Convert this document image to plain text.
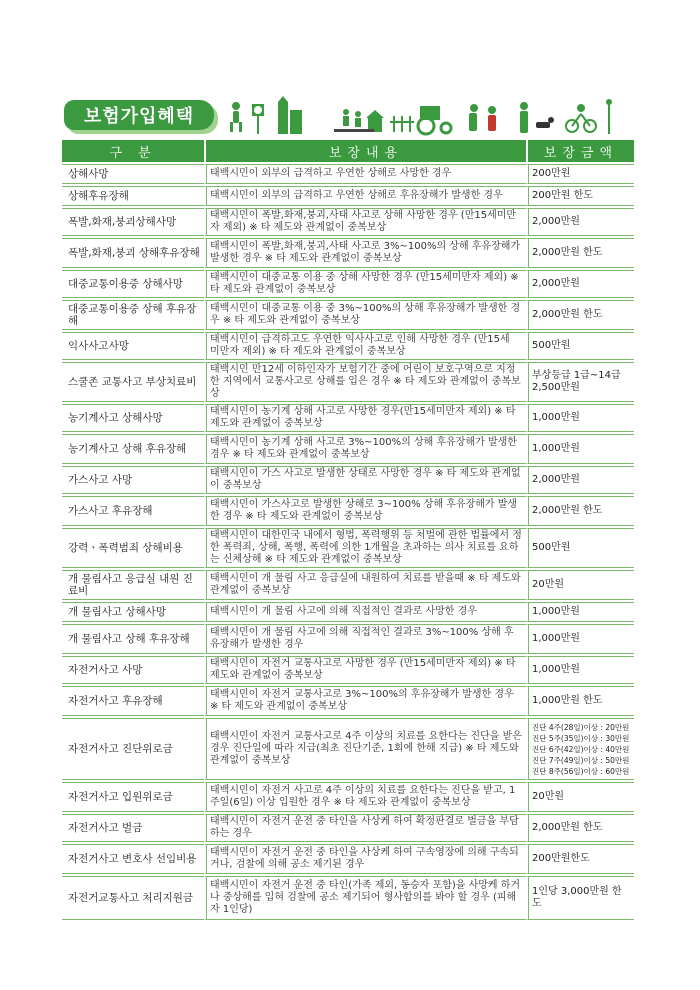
보험가입혜택
구 분	보장내용	보장금액
상해사망	태백시민이 외부의 급격하고 우연한 상해로 사망한 경우	200만원
상해후유장해	태백시민이 외부의 급격하고 우연한 상해로 후유장해가 발생한 경우	200만원 한도
폭발,화재,붕괴상해사망	태백시민이 폭발,화재,붕괴,사태 사고로 상해 사망한 경우 (만15세미만자 제외) ※ 타 제도와 관계없이 중복보상	2,000만원
폭발,화재,붕괴 상해후유장해	태백시민이 폭발,화재,붕괴,사태 사고로 3%~100%의 상해 후유장해가 발생한 경우 ※ 타 제도와 관계없이 중복보상	2,000만원 한도
대중교통이용중 상해사망	태백시민이 대중교통 이용 중 상해 사망한 경우 (만15세미만자 제외) ※ 타 제도와 관계없이 중복보상	2,000만원
대중교통이용중 상해 후유장해	태백시민이 대중교통 이용 중 3%~100%의 상해 후유장해가 발생한 경우 ※ 타 제도와 관계없이 중복보상	2,000만원 한도
익사사고사망	태백시민이 급격하고도 우연한 익사사고로 인해 사망한 경우 (만15세 미만자 제외) ※ 타 제도와 관계없이 중복보상	500만원
스쿨존 교통사고 부상치료비	태백시민 만12세 이하인자가 보험기간 중에 어린이 보호구역으로 지정한 지역에서 교통사고로 상해를 입은 경우 ※ 타 제도와 관계없이 중복보상	부상등급 1급~14급 2,500만원
농기계사고 상해사망	태백시민이 농기계 상해 사고로 사망한 경우(만15세미만자 제외) ※ 타 제도와 관계없이 중복보상	1,000만원
농기계사고 상해 후유장해	태백시민이 농기계 상해 사고로 3%~100%의 상해 후유장해가 발생한 경우 ※ 타 제도와 관계없이 중복보상	1,000만원
가스사고 사망	태백시민이 가스 사고로 발생한 상태로 사망한 경우 ※ 타 제도와 관계없이 중복보상	2,000만원
가스사고 후유장해	태백시민이 가스사고로 발생한 상해로 3~100% 상해 후유장해가 발생한 경우 ※ 타 제도와 관계없이 중복보상	2,000만원 한도
강력ㆍ폭력범죄 상해비용	태백시민이 대한민국 내에서 형법, 폭력행위 등 처벌에 관한 법률에서 정한 폭력죄, 상해, 폭행, 폭력에 의한 1개월을 초과하는 의사 치료를 요하는 신체상해 ※ 타 제도와 관계없이 중복보상	500만원
개 물림사고 응급실 내원 진료비	태백시민이 개 물림 사고 응급실에 내원하여 치료를 받을때 ※ 타 제도와 관계없이 중복보상	20만원
개 물림사고 상해사망	태백시민이 개 물림 사고에 의해 직접적인 결과로 사망한 경우	1,000만원
개 물림사고 상해 후유장해	태백시민이 개 물림 사고에 의해 직접적인 결과로 3%~100% 상해 후유장해가 발생한 경우	1,000만원
자전거사고 사망	태백시민이 자전거 교통사고로 사망한 경우 (만15세미만자 제외) ※ 타 제도와 관계없이 중복보상	1,000만원
자전거사고 후유장해	태백시민이 자전거 교통사고로 3%~100%의 후유장해가 발생한 경우 ※ 타 제도와 관계없이 중복보상	1,000만원 한도
자전거사고 진단위로금	태백시민이 자전거 교통사고로 4주 이상의 치료를 요한다는 진단을 받은 경우 진단일에 따라 지급(최초 진단기준, 1회에 한해 지급) ※ 타 제도와 관계없이 중복보상	진단 4주(28일)이상 : 20만원
진단 5주(35일)이상 : 30만원
진단 6주(42일)이상 : 40만원
진단 7주(49일)이상 : 50만원
진단 8주(56일)이상 : 60만원

자전거사고 입원위로금	태백시민이 자전거 사고로 4주 이상의 치료를 요한다는 진단을 받고, 1주일(6일) 이상 입원한 경우 ※ 타 제도와 관계없이 중복보상	20만원
자전거사고 벌금	태백시민이 자전거 운전 중 타인을 사상케 하여 확정판결로 벌금을 부담하는 경우	2,000만원 한도
자전거사고 변호사 선임비용	태백시민이 자전거 운전 중 타인을 사상케 하여 구속영장에 의해 구속되거나, 검찰에 의해 공소 제기된 경우	200만원한도
자전거교통사고 처리지원금	태백시민이 자전거 운전 중 타인(가족 제외, 동승자 포함)을 사망케 하거나 중상해를 입혀 검찰에 공소 제기되어 형사합의를 봐야 할 경우 (피해자 1인당)	1인당 3,000만원 한도
